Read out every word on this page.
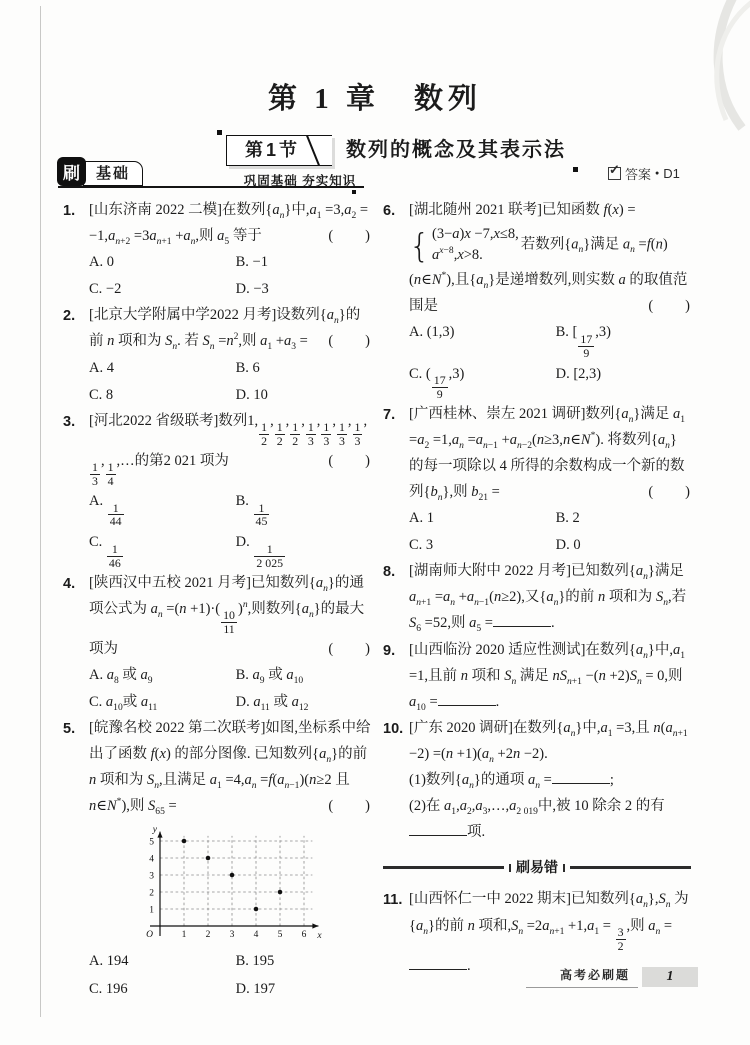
第 1 章　数列
第1节	数列的概念及其表示法
刷	基础	巩固基础 夯实知识 ✓	答案 ● D1
1. [山东济南 2022 二模]在数列$\{a_n\}$中$,a_1 =3,a_2 = -1,a_{n+2} =3a_{n+1} +a_n$,则 $a_5$ 等于	(  )
A. 0	B. −1
C. −2	D. −3
2. [北京大学附属中学2022 月考]设数列$\{a_n\}$的前 n 项和为 $S_n$. 若 $S_n =n^2$,则 $a_1 +a_3$ = (  )
A. 4	B. 6
C. 8	D. 10
3. [河北2022 省级联考]数列1,
$\frac{1}{2}$
,
$\frac{1}{2}$
,
$\frac{1}{2}$
,
$\frac{1}{3}$
,
$\frac{1}{3}$
,
$\frac{1}{3}$
,
$\frac{1}{3}$
,
$\frac{1}{3}$
,
$\frac{1}{4}$
,…的第2 021 项为	(  )
A.
$\frac{1}{44}$
B.
$\frac{1}{45}$
C.
$\frac{1}{46}$
D.
$\frac{1}{2 025}$
4. [陕西汉中五校 2021 月考]已知数列$\{a_n\}$的通项公式为 $a_n =(n +1)\cdot$(
$\frac{10}{11}$
)$^n$,则数列$\{a_n\}$的最大项为	(  )
A. $a_8$ 或 $a_9$	B. $a_9$ 或 $a_{10}$
C. $a_{10}$或 $a_{11}$	D. $a_{11}$ 或 $a_{12}$
5. [皖豫名校 2022 第二次联考]如图,坐标系中给出了函数 f(x) 的部分图像. 已知数列$\{a_n\}$的前 n 项和为 $S_n$,且满足 $a_1 =4,a_n =f(a_{n-1})(n\ge 2$ 且 n∈N*),则 $S_{65}$ =	(  )
1
2
3
4
5
1 2 3 4 5 6
y
x
O
A. 194	B. 195
C. 196	D. 197
6. [湖北随州 2021 联考]已知函数 f(x) =
{ (3−a)x −7,x≤8,
$a^{x-8},x>8$.
若数列$\{a_n\}$满足 $a_n$ =f(n)(n∈N*),且$\{a_n\}$是递增数列,则实数 a 的取值范围是	(  )
A. (1,3)	B. [
$\frac{17}{9}$
,3)
C. (
$\frac{17}{9}$
,3)	D. [2,3)
7. [广西桂林、崇左 2021 调研]数列$\{a_n\}$满足 $a_1 =a_2 =1,a_n =a_{n-1}$ $+a_{n-2}(n\ge 3,n\in N^*)$. 将数列$\{a_n\}$的每一项除以 4 所得的余数构成一个新的数列$\{b_n\}$,则 $b_{21}$ =	(  )
A. 1	B. 2
C. 3	D. 0
8. [湖南师大附中 2022 月考]已知数列$\{a_n\}$满足 $a_{n+1} =a_n +a_{n-1}(n\ge 2)$,又$\{a_n\}$的前 n 项和为 $S_n$,若 $S_6 =52$,则 $a_5$ =	.
9. [山西临汾 2020 适应性测试]在数列$\{a_n\}$中$,a_1 =1$,且前 n 项和 $S_n$ 满足 $nS_{n+1} -(n +2)S_n = 0$,则$a_{10}$ =	.
10. [广东 2020 调研]在数列$\{a_n\}$中$,a_1 =3$,且 $n(a_{n+1} -2) =(n +1)(a_n +2n -2)$.
(1)数列$\{a_n\}$的通项 $a_n$ =	;
(2)在 $a_1,a_2,a_3,\dots,a_{2 019}$中,被 10 除余 2 的有项.
刷易错
11. [山西怀仁一中 2022 期末]已知数列$\{a_n\},S_n$ 为$\{a_n\}$的前 n 项和$,S_n =2a_{n+1} +1,a_1$ =
$\frac{3}{2}$
,则 $a_n$ =.
高考必刷题	1
